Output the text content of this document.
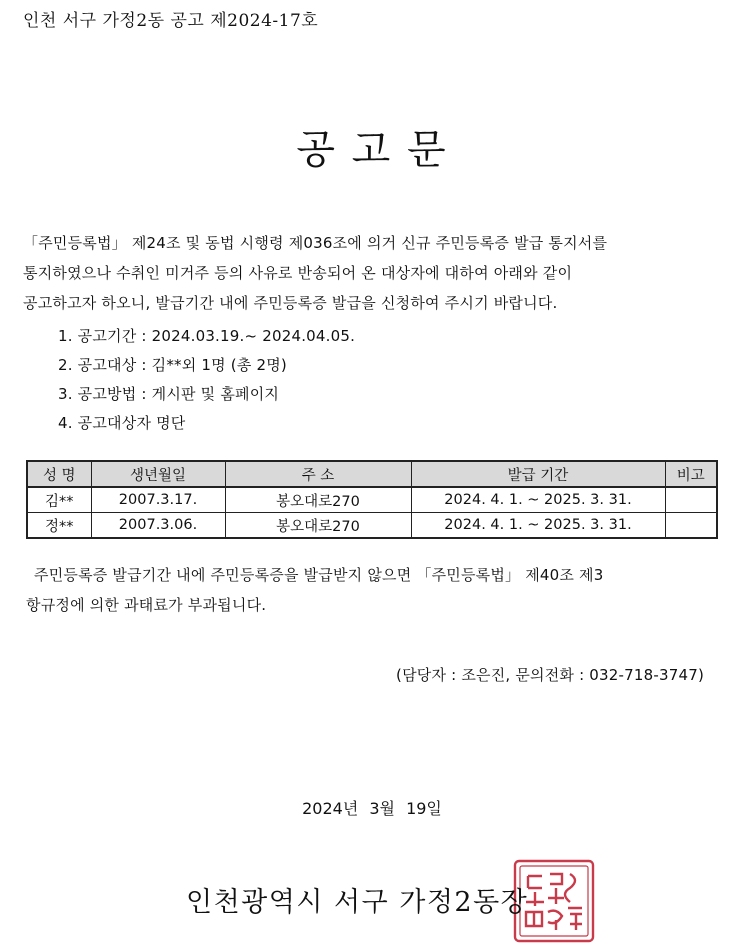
인천 서구 가정2동 공고 제2024-17호
공 고 문

「주민등록법」 제24조 및 동법 시행령 제036조에 의거 신규 주민등록증 발급 통지서를

통지하였으나 수취인 미거주 등의 사유로 반송되어 온 대상자에 대하여 아래와 같이

공고하고자 하오니, 발급기간 내에 주민등록증 발급을 신청하여 주시기 바랍니다.

1. 공고기간 : 2024.03.19.~ 2024.04.05.
2. 공고대상 : 김**외 1명 (총 2명)
3. 공고방법 : 게시판 및 홈페이지
4. 공고대상자 명단
성 명	생년월일	주 소	발급 기간	비고
김**	2007.3.17.	봉오대로270	2024. 4. 1. ~ 2025. 3. 31.	
정**	2007.3.06.	봉오대로270	2024. 4. 1. ~ 2025. 3. 31.	

주민등록증 발급기간 내에 주민등록증을 발급받지 않으면 「주민등록법」 제40조 제3

항규정에 의한 과태료가 부과됩니다.

(담당자 : 조은진, 문의전화 : 032-718-3747)
2024년 3월 19일
인천광역시 서구 가정2동장
